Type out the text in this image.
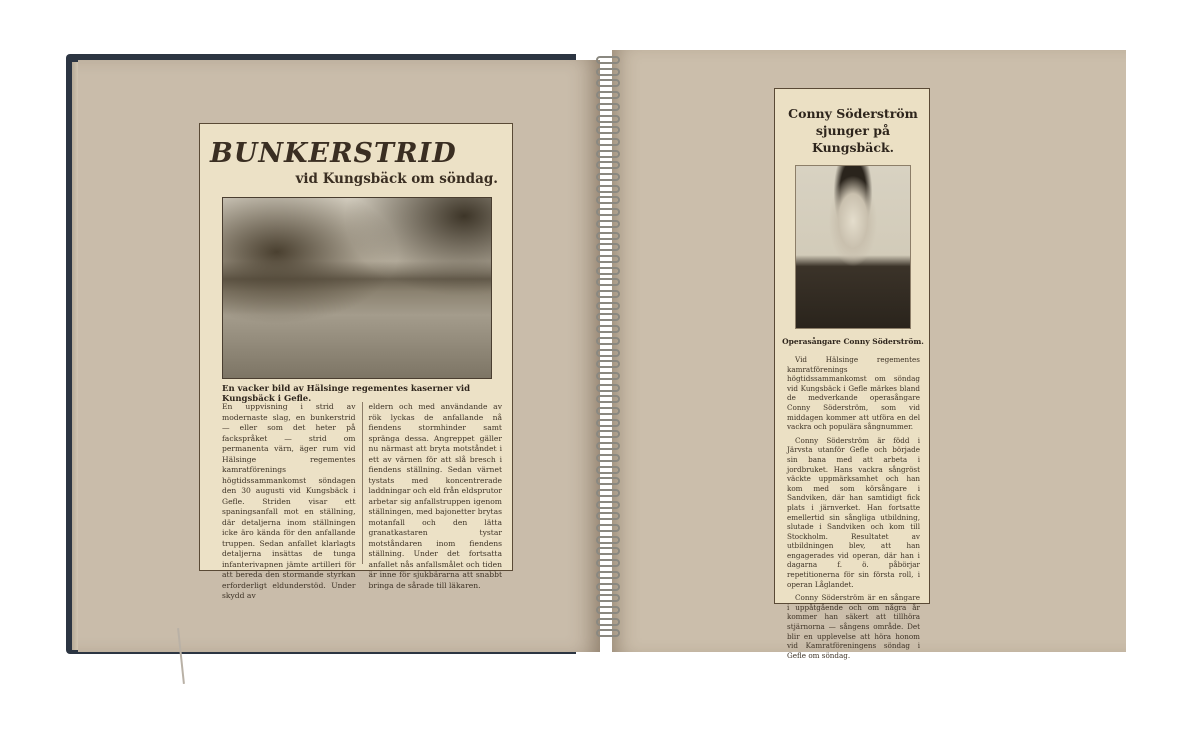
BUNKERSTRID
vid Kungsbäck om söndag.
En vacker bild av Hälsinge regementes kaserner vid Kungsbäck i Gefle.
En uppvisning i strid av modernaste slag, en bunkerstrid — eller som det heter på fackspråket — strid om permanenta värn, äger rum vid Hälsinge regementes kamratförenings högtidssammankomst söndagen den 30 augusti vid Kungsbäck i Gefle. Striden visar ett spaningsanfall mot en ställning, där detaljerna inom ställningen icke äro kända för den anfallande truppen. Sedan anfallet klarlagts detaljerna insättas de tunga infanterivapnen jämte artilleri för att bereda den stormande styrkan erforderligt eldunderstöd. Under skydd av
eldern och med användande av rök lyckas de anfallande nå fiendens stormhinder samt spränga dessa. Angreppet gäller nu närmast att bryta motståndet i ett av värnen för att slå bresch i fiendens ställning. Sedan värnet tystats med koncentrerade laddningar och eld från eldsprutor arbetar sig anfallstruppen igenom ställningen, med bajonetter brytas motanfall och den lätta granatkastaren tystar motståndaren inom fiendens ställning. Under det fortsatta anfallet nås anfallsmålet och tiden är inne för sjukbärarna att snabbt bringa de sårade till läkaren.
Conny Söderström sjunger på Kungsbäck.
Operasångare Conny Söderström.

Vid Hälsinge regementes kamratförenings högtidssammankomst om söndag vid Kungsbäck i Gefle märkes bland de medverkande operasångare Conny Söderström, som vid middagen kommer att utföra en del vackra och populära sångnummer.

Conny Söderström är född i Järvsta utanför Gefle och började sin bana med att arbeta i jordbruket. Hans vackra sångröst väckte uppmärksamhet och han kom med som körsångare i Sandviken, där han samtidigt fick plats i järnverket. Han fortsatte emellertid sin sångliga utbildning, slutade i Sandviken och kom till Stockholm. Resultatet av utbildningen blev, att han engagerades vid operan, där han i dagarna f. ö. påbörjar repetitionerna för sin första roll, i operan Låglandet.

Conny Söderström är en sångare i uppåtgående och om några år kommer han säkert att tillhöra stjärnorna — sångens område. Det blir en upplevelse att höra honom vid Kamratföreningens söndag i Gefle om söndag.
